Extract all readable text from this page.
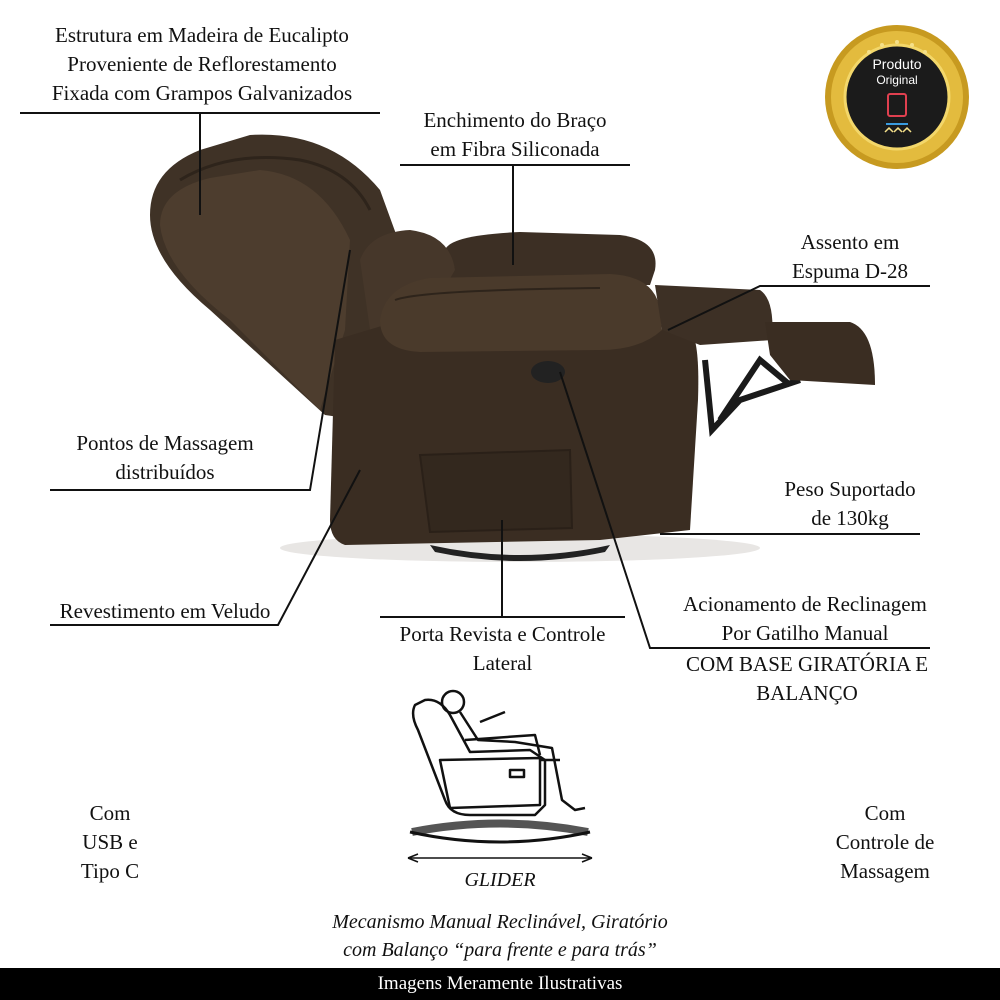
Produto
Original
Estrutura em Madeira de Eucalipto
Proveniente de Reflorestamento
Fixada com Grampos Galvanizados
Enchimento do Braço
em Fibra Siliconada
Assento em
Espuma D-28
Pontos de Massagem
distribuídos
Peso Suportado
de 130kg
Revestimento em Veludo
Porta Revista e Controle
Lateral
Acionamento de Reclinagem
Por Gatilho Manual
COM BASE GIRATÓRIA E
BALANÇO
Com
USB e
Tipo C
Com
Controle de
Massagem
GLIDER
Mecanismo Manual Reclinável, Giratório
com Balanço “para frente e para trás”
Imagens Meramente Ilustrativas
